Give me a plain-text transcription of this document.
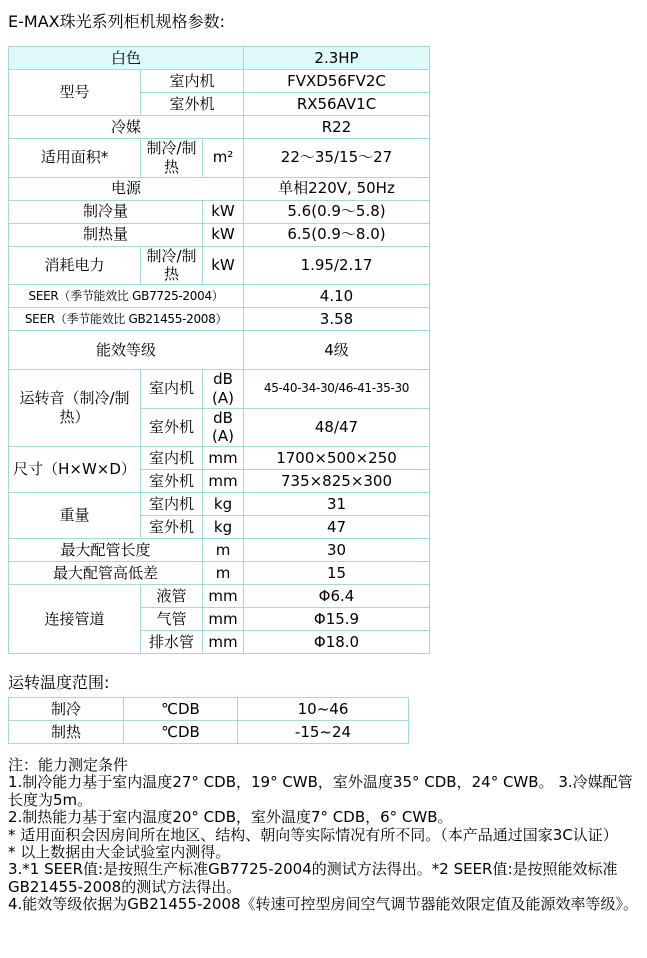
E-MAX珠光系列柜机规格参数:
白色			2.3HP
型号	室内机		FVXD56FV2C
	室外机		RX56AV1C
冷媒			R22
适用面积*	制冷/制热	m²	22～35/15～27
电源			单相220V, 50Hz
制冷量		kW	5.6(0.9～5.8)
制热量		kW	6.5(0.9～8.0)
消耗电力	制冷/制热	kW	1.95/2.17
SEER（季节能效比 GB7725-2004）			4.10
SEER（季节能效比 GB21455-2008）			3.58
能效等级			4级
运转音（制冷/制热）	室内机	dB(A)	45-40-34-30/46-41-35-30
	室外机	dB(A)	48/47
尺寸（H×W×D）	室内机	mm	1700×500×250
	室外机	mm	735×825×300
重量	室内机	kg	31
	室外机	kg	47
最大配管长度		m	30
最大配管高低差		m	15
连接管道	液管	mm	Φ6.4
	气管	mm	Φ15.9
	排水管	mm	Φ18.0
运转温度范围:
制冷	℃DB	10~46
制热	℃DB	-15~24
注：能力测定条件
1.制冷能力基于室内温度27° CDB，19° CWB，室外温度35° CDB，24° CWB。 3.冷媒配管长度为5m。
2.制热能力基于室内温度20° CDB，室外温度7° CDB，6° CWB。
* 适用面积会因房间所在地区、结构、朝向等实际情况有所不同。（本产品通过国家3C认证）
* 以上数据由大金试验室内测得。
3.*1 SEER值:是按照生产标准GB7725-2004的测试方法得出。*2 SEER值:是按照能效标准GB21455-2008的测试方法得出。
4.能效等级依据为GB21455-2008《转速可控型房间空气调节器能效限定值及能源效率等级》。
